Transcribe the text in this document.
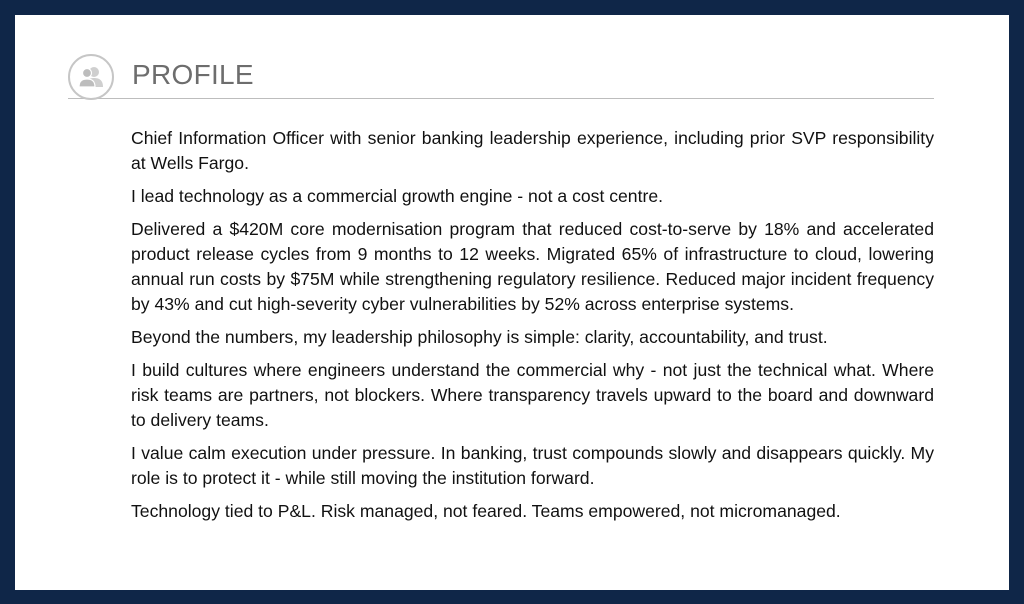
PROFILE

Chief Information Officer with senior banking leadership experience, including prior SVP responsibility at Wells Fargo.

I lead technology as a commercial growth engine - not a cost centre.

Delivered a $420M core modernisation program that reduced cost-to-serve by 18% and accelerated product release cycles from 9 months to 12 weeks. Migrated 65% of infrastructure to cloud, lowering annual run costs by $75M while strengthening regulatory resilience. Reduced major incident frequency by 43% and cut high-severity cyber vulnerabilities by 52% across enterprise systems.

Beyond the numbers, my leadership philosophy is simple: clarity, accountability, and trust.

I build cultures where engineers understand the commercial why - not just the technical what. Where risk teams are partners, not blockers. Where transparency travels upward to the board and downward to delivery teams.

I value calm execution under pressure. In banking, trust compounds slowly and disappears quickly. My role is to protect it - while still moving the institution forward.

Technology tied to P&L. Risk managed, not feared. Teams empowered, not micromanaged.
